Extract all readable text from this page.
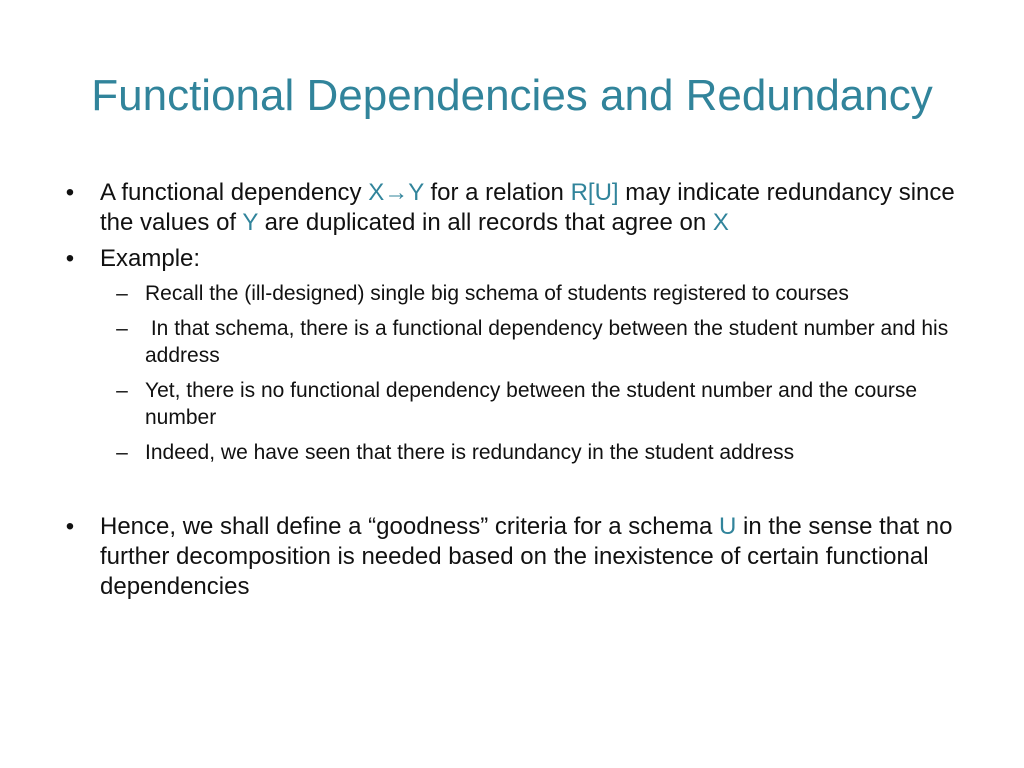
Functional Dependencies and Redundancy
• A functional dependency X→Y for a relation R[U] may indicate redundancy since the values of Y are duplicated in all records that agree on X
• Example:
– Recall the (ill-designed) single big schema of students registered to courses
– In that schema, there is a functional dependency between the student number and his address
– Yet, there is no functional dependency between the student number and the course number
– Indeed, we have seen that there is redundancy in the student address
• Hence, we shall define a “goodness” criteria for a schema U in the sense that no further decomposition is needed based on the inexistence of certain functional dependencies
